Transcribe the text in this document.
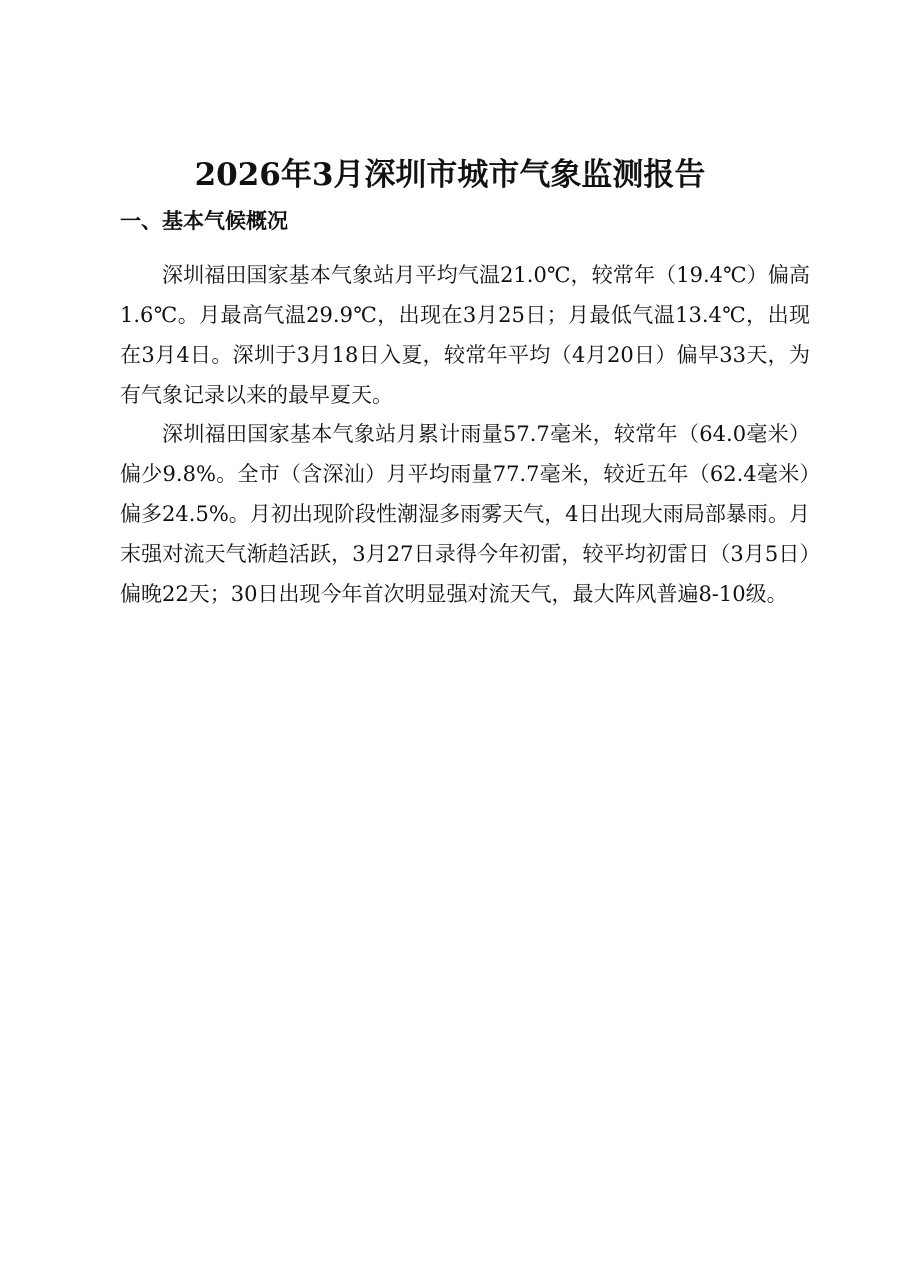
2026年3月深圳市城市气象监测报告
一、基本气候概况

深圳福田国家基本气象站月平均气温21.0℃，较常年（19.4℃）偏高1.6℃。月最高气温29.9℃，出现在3月25日；月最低气温13.4℃，出现在3月4日。深圳于3月18日入夏，较常年平均（4月20日）偏早33天，为有气象记录以来的最早夏天。

深圳福田国家基本气象站月累计雨量57.7毫米，较常年（64.0毫米）偏少9.8%。全市（含深汕）月平均雨量77.7毫米，较近五年（62.4毫米）偏多24.5%。月初出现阶段性潮湿多雨雾天气，4日出现大雨局部暴雨。月末强对流天气渐趋活跃，3月27日录得今年初雷，较平均初雷日（3月5日）偏晚22天；30日出现今年首次明显强对流天气，最大阵风普遍8-10级。
